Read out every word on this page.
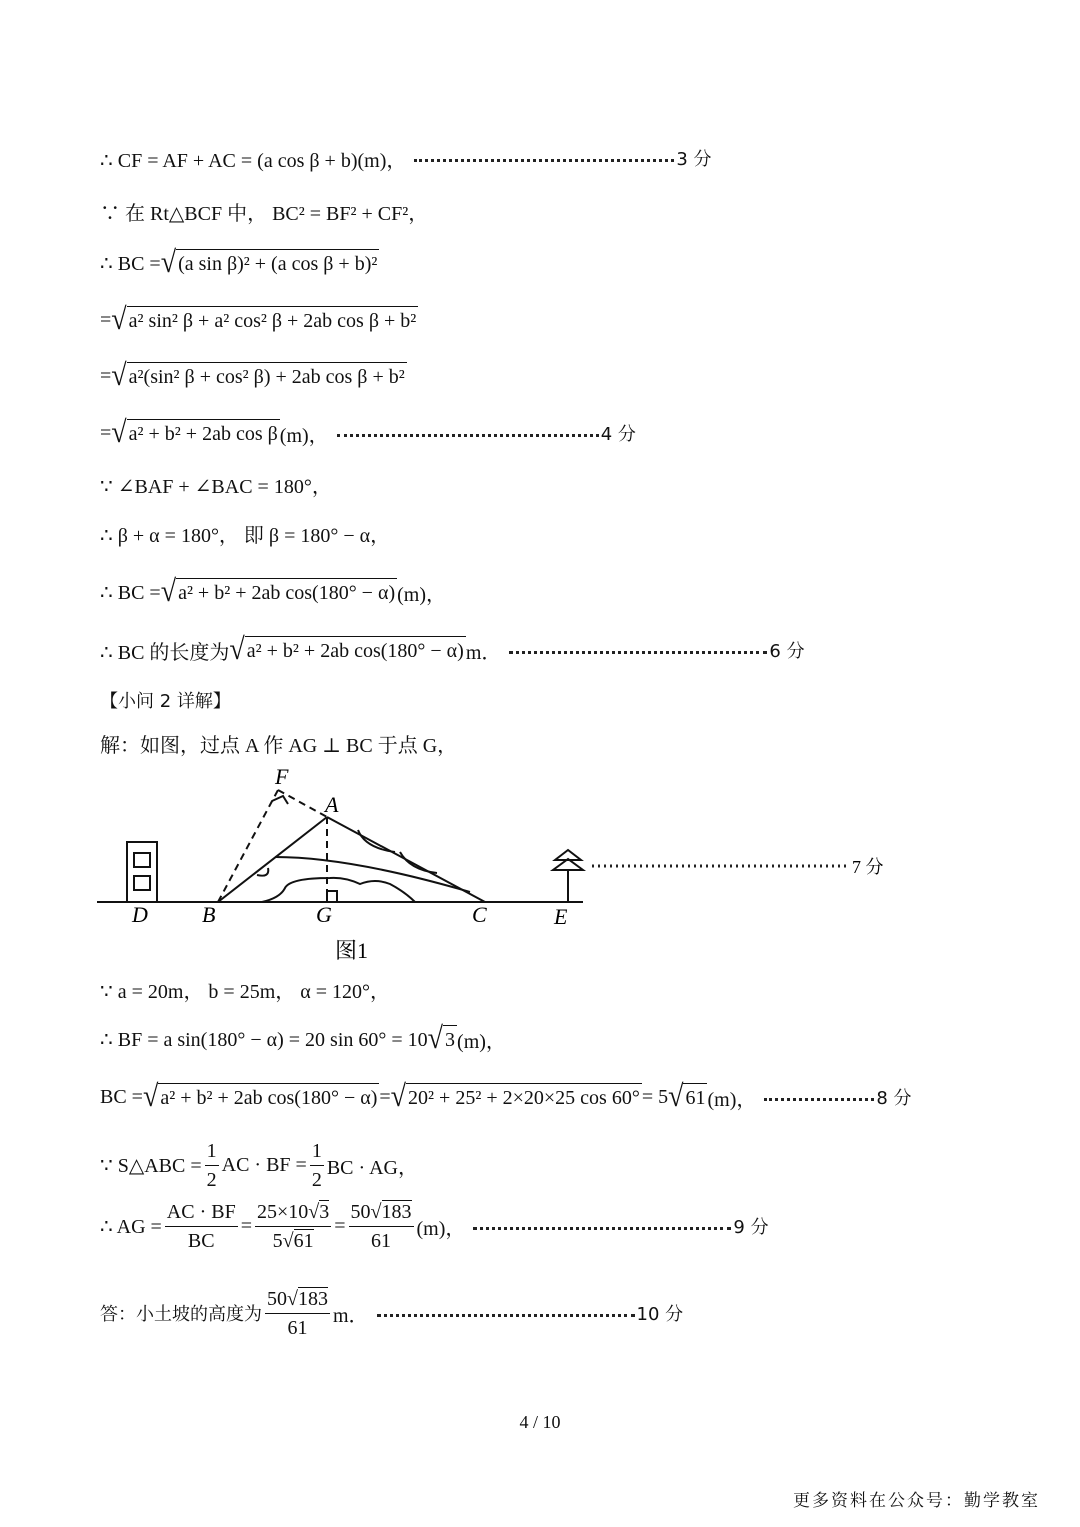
∴ CF = AF + AC = (a cos β + b)(m)，	3 分
∵ 在 Rt△BCF 中， BC² = BF² + CF²，
∴ BC = √ (a sin β)² + (a cos β + b)²
= √ a² sin² β + a² cos² β + 2ab cos β + b²
= √ a²(sin² β + cos² β) + 2ab cos β + b²
= √ a² + b² + 2ab cos β (m)，	4 分
∵ ∠BAF + ∠BAC = 180°，
∴ β + α = 180°， 即 β = 180° − α，
∴ BC = √ a² + b² + 2ab cos(180° − α) (m)，
∴ BC 的长度为 √ a² + b² + 2ab cos(180° − α) m．	6 分
【小问 2 详解】
解：如图，过点 A 作 AG ⊥ BC 于点 G，
7 分
F
A
D B	G	C	E
图1
∵ a = 20m， b = 25m， α = 120°，
∴ BF = a sin(180° − α) = 20 sin 60° = 10 √ 3 (m)，
BC = √ a² + b² + 2ab cos(180° − α) = √ 20² + 25² + 2×20×25 cos 60° = 5 √ 61 (m)，	8 分
∵ S△ABC = $\frac{1}{2}$ AC · BF = $\frac{1}{2}$ BC · AG，
∴ AG = $\frac{AC \cdot BF}{BC} = \frac{25\times 10√3}{5√61} = \frac{50√183}{61} (m)$，	9 分
答：小土坡的高度为 $\frac{50√183}{61}$ m．	10 分
4 / 10
更多资料在公众号：勤学教室
